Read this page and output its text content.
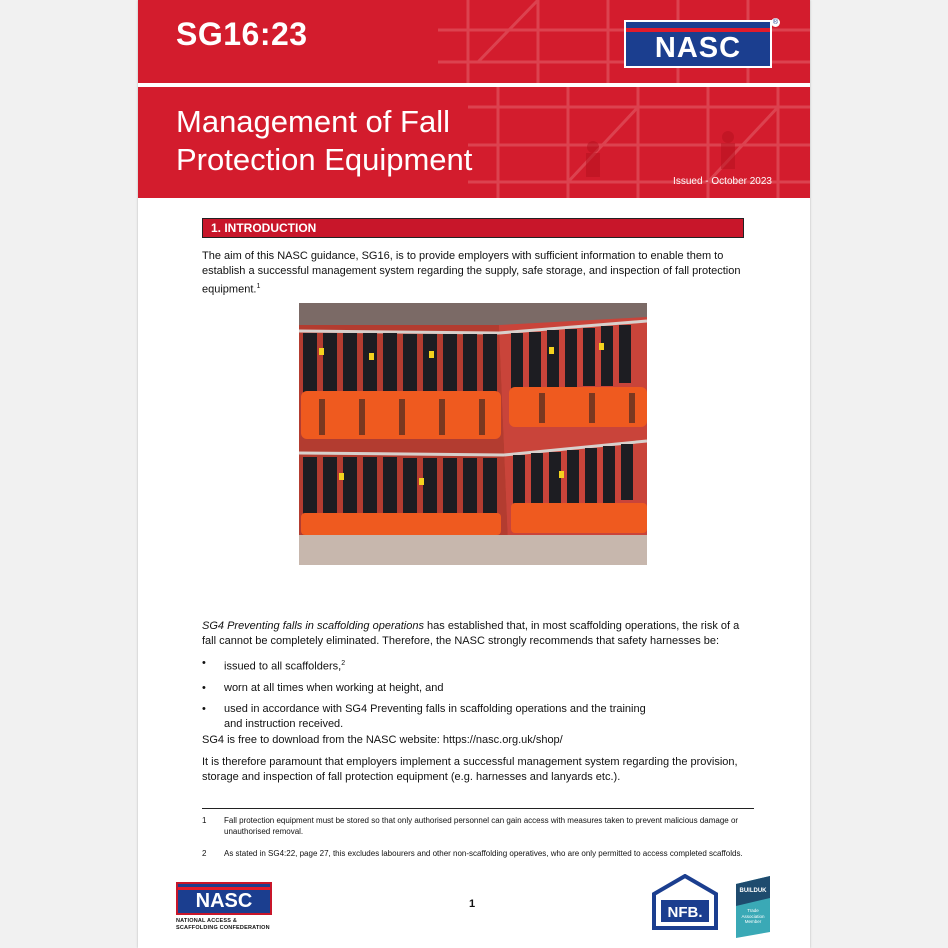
SG16:23	NASC
®
Management of Fall
Protection Equipment
Issued - October 2023
1. INTRODUCTION
The aim of this NASC guidance, SG16, is to provide employers with sufficient information to enable them to establish a successful management system regarding the supply, safe storage, and inspection of fall protection equipment.$^1$
SG4 Preventing falls in scaffolding operations has established that, in most scaffolding operations, the risk of a fall cannot be completely eliminated. Therefore, the NASC strongly recommends that safety harnesses be:
• issued to all scaffolders,$^2$
• worn at all times when working at height, and
• used in accordance with SG4 Preventing falls in scaffolding operations and the training and instruction received.
SG4 is free to download from the NASC website: https://nasc.org.uk/shop/
It is therefore paramount that employers implement a successful management system regarding the provision, storage and inspection of fall protection equipment (e.g. harnesses and lanyards etc.).
1 Fall protection equipment must be stored so that only authorised personnel can gain access with measures taken to prevent malicious damage or unauthorised removal.
2 As stated in SG4:22, page 27, this excludes labourers and other non-scaffolding operatives, who are only permitted to access completed scaffolds.
NASC
NATIONAL ACCESS & SCAFFOLDING CONFEDERATION
1	NFB.
BUILDUK
Trade Association Member
